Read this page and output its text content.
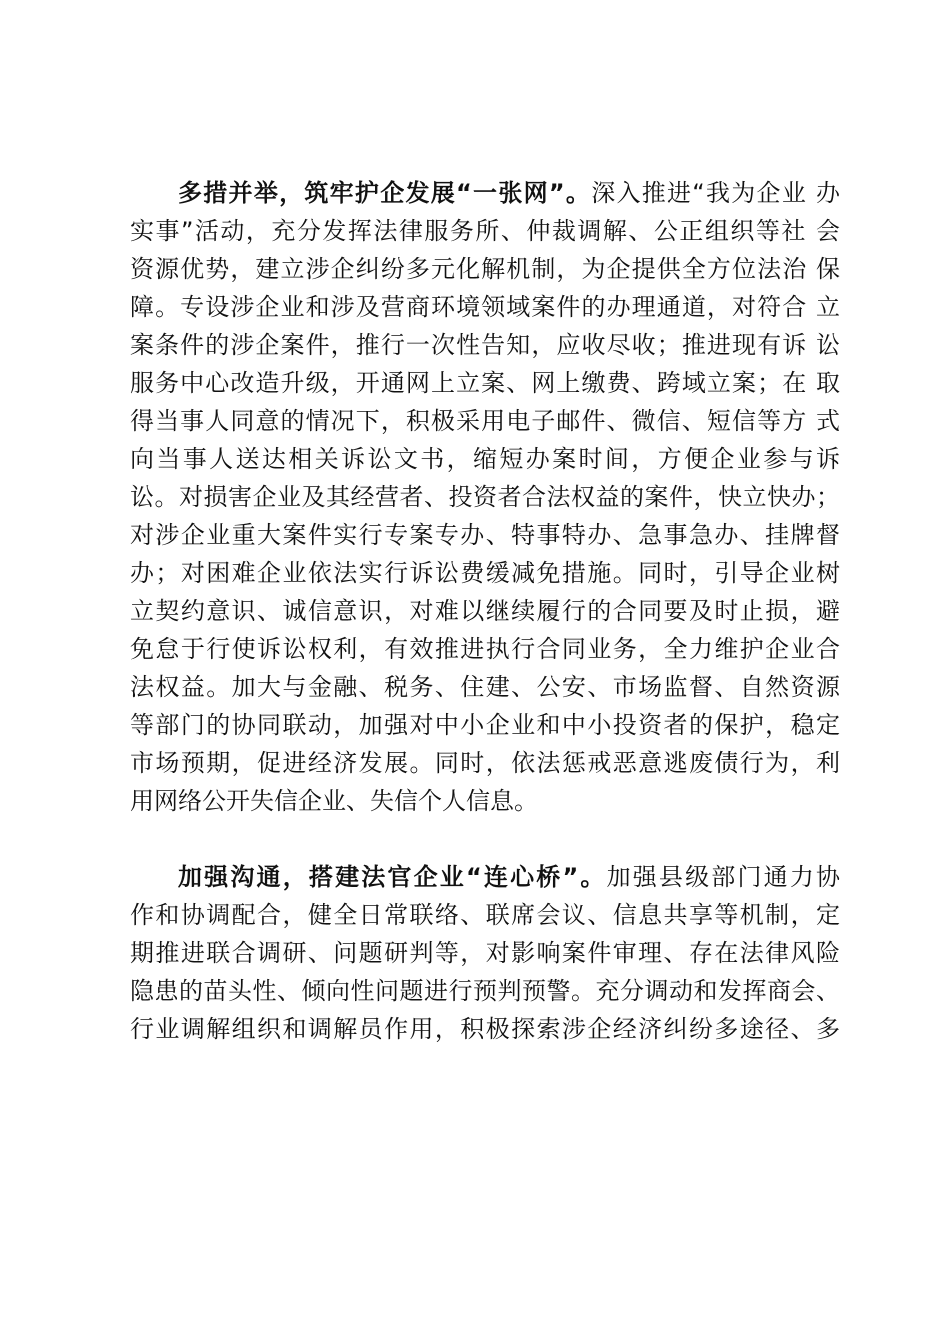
多措并举，筑牢护企发展“一张网”。深入推进“我为企业 办
实事”活动，充分发挥法律服务所、仲裁调解、公正组织等社 会
资源优势，建立涉企纠纷多元化解机制，为企提供全方位法治 保
障。专设涉企业和涉及营商环境领域案件的办理通道，对符合 立
案条件的涉企案件，推行一次性告知，应收尽收；推进现有诉 讼
服务中心改造升级，开通网上立案、网上缴费、跨域立案；在 取
得当事人同意的情况下，积极采用电子邮件、微信、短信等方 式
向当事人送达相关诉讼文书，缩短办案时间，方便企业参与诉
讼。对损害企业及其经营者、投资者合法权益的案件，快立快办；
对涉企业重大案件实行专案专办、特事特办、急事急办、挂牌督
办；对困难企业依法实行诉讼费缓减免措施。同时，引导企业树
立契约意识、诚信意识，对难以继续履行的合同要及时止损，避
免怠于行使诉讼权利，有效推进执行合同业务，全力维护企业合
法权益。加大与金融、税务、住建、公安、市场监督、自然资源
等部门的协同联动，加强对中小企业和中小投资者的保护，稳定
市场预期，促进经济发展。同时，依法惩戒恶意逃废债行为，利
用网络公开失信企业、失信个人信息。
加强沟通，搭建法官企业“连心桥”。加强县级部门通力协
作和协调配合，健全日常联络、联席会议、信息共享等机制，定
期推进联合调研、问题研判等，对影响案件审理、存在法律风险
隐患的苗头性、倾向性问题进行预判预警。充分调动和发挥商会、
行业调解组织和调解员作用，积极探索涉企经济纠纷多途径、多
